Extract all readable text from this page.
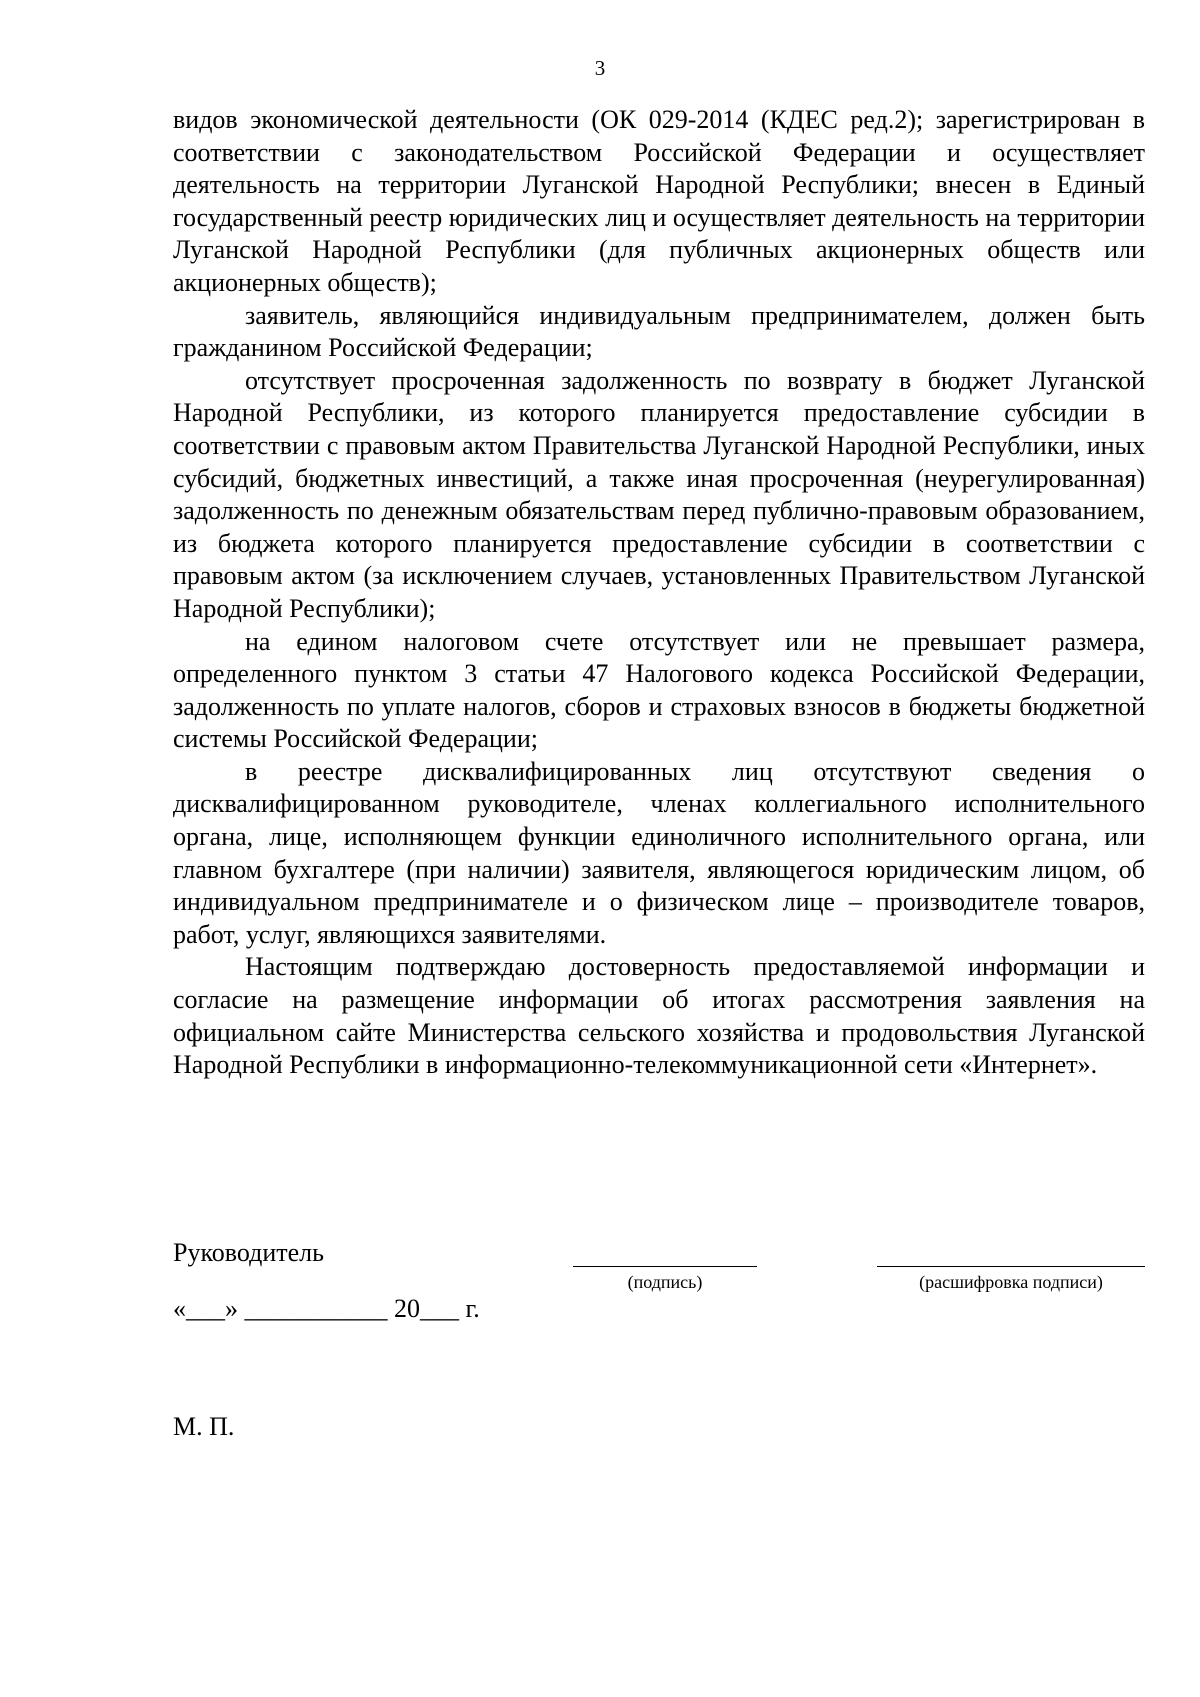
3

видов экономической деятельности (ОК 029-2014 (КДЕС ред.2); зарегистрирован в соответствии с законодательством Российской Федерации и осуществляет деятельность на территории Луганской Народной Республики; внесен в Единый государственный реестр юридических лиц и осуществляет деятельность на территории Луганской Народной Республики (для публичных акционерных обществ или акционерных обществ);

заявитель, являющийся индивидуальным предпринимателем, должен быть гражданином Российской Федерации;

отсутствует просроченная задолженность по возврату в бюджет Луганской Народной Республики, из которого планируется предоставление субсидии в соответствии с правовым актом Правительства Луганской Народной Республики, иных субсидий, бюджетных инвестиций, а также иная просроченная (неурегулированная) задолженность по денежным обязательствам перед публично-правовым образованием, из бюджета которого планируется предоставление субсидии в соответствии с правовым актом (за исключением случаев, установленных Правительством Луганской Народной Республики);

на едином налоговом счете отсутствует или не превышает размера, определенного пунктом 3 статьи 47 Налогового кодекса Российской Федерации, задолженность по уплате налогов, сборов и страховых взносов в бюджеты бюджетной системы Российской Федерации;

в реестре дисквалифицированных лиц отсутствуют сведения о дисквалифицированном руководителе, членах коллегиального исполнительного органа, лице, исполняющем функции единоличного исполнительного органа, или главном бухгалтере (при наличии) заявителя, являющегося юридическим лицом, об индивидуальном предпринимателе и о физическом лице – производителе товаров, работ, услуг, являющихся заявителями.

Настоящим подтверждаю достоверность предоставляемой информации и согласие на размещение информации об итогах рассмотрения заявления на официальном сайте Министерства сельского хозяйства и продовольствия Луганской Народной Республики в информационно-телекоммуникационной сети «Интернет».

Руководитель
(подпись)	(расшифровка подписи)
«___» ___________ 20___ г.
М. П.
